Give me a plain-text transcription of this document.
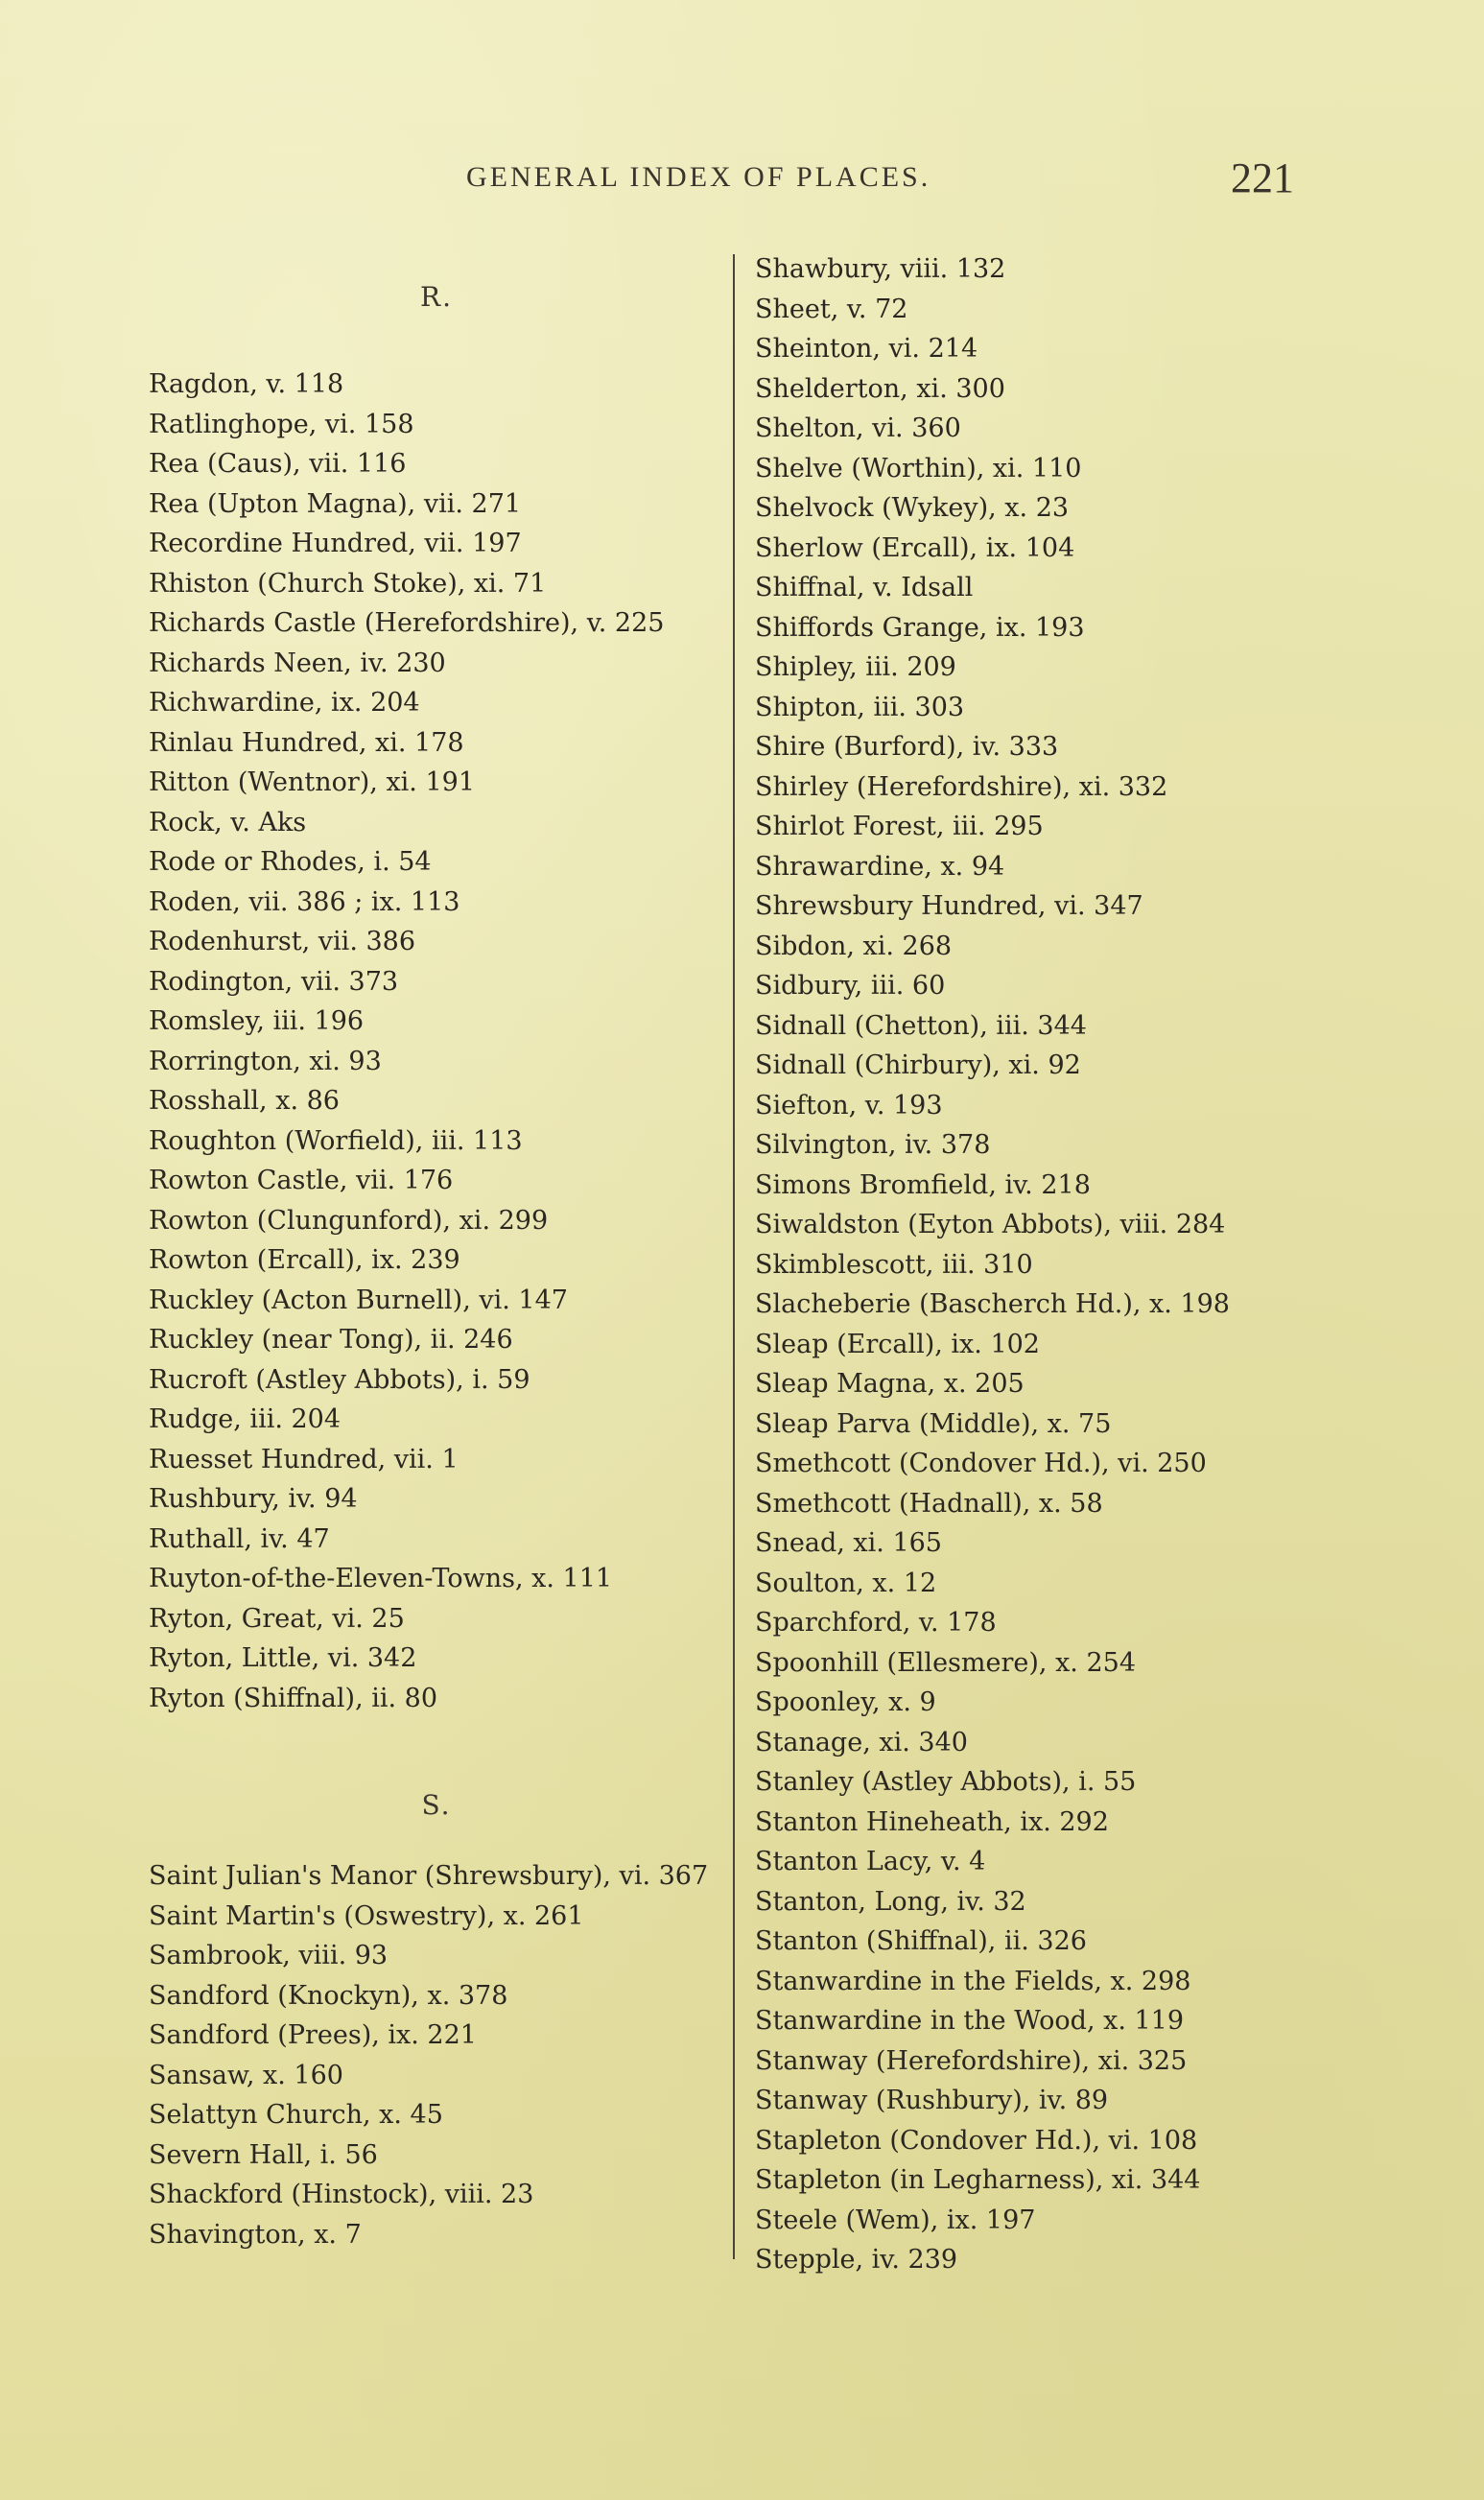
GENERAL INDEX OF PLACES.	221
R.
Ragdon, v. 118
Ratlinghope, vi. 158
Rea (Caus), vii. 116
Rea (Upton Magna), vii. 271
Recordine Hundred, vii. 197
Rhiston (Church Stoke), xi. 71
Richards Castle (Herefordshire), v. 225
Richards Neen, iv. 230
Richwardine, ix. 204
Rinlau Hundred, xi. 178
Ritton (Wentnor), xi. 191
Rock, v. Aks
Rode or Rhodes, i. 54
Roden, vii. 386 ; ix. 113
Rodenhurst, vii. 386
Rodington, vii. 373
Romsley, iii. 196
Rorrington, xi. 93
Rosshall, x. 86
Roughton (Worfield), iii. 113
Rowton Castle, vii. 176
Rowton (Clungunford), xi. 299
Rowton (Ercall), ix. 239
Ruckley (Acton Burnell), vi. 147
Ruckley (near Tong), ii. 246
Rucroft (Astley Abbots), i. 59
Rudge, iii. 204
Ruesset Hundred, vii. 1
Rushbury, iv. 94
Ruthall, iv. 47
Ruyton-of-the-Eleven-Towns, x. 111
Ryton, Great, vi. 25
Ryton, Little, vi. 342
Ryton (Shiffnal), ii. 80
S.
Saint Julian's Manor (Shrewsbury), vi. 367
Saint Martin's (Oswestry), x. 261
Sambrook, viii. 93
Sandford (Knockyn), x. 378
Sandford (Prees), ix. 221
Sansaw, x. 160
Selattyn Church, x. 45
Severn Hall, i. 56
Shackford (Hinstock), viii. 23
Shavington, x. 7
Shawbury, viii. 132
Sheet, v. 72
Sheinton, vi. 214
Shelderton, xi. 300
Shelton, vi. 360
Shelve (Worthin), xi. 110
Shelvock (Wykey), x. 23
Sherlow (Ercall), ix. 104
Shiffnal, v. Idsall
Shiffords Grange, ix. 193
Shipley, iii. 209
Shipton, iii. 303
Shire (Burford), iv. 333
Shirley (Herefordshire), xi. 332
Shirlot Forest, iii. 295
Shrawardine, x. 94
Shrewsbury Hundred, vi. 347
Sibdon, xi. 268
Sidbury, iii. 60
Sidnall (Chetton), iii. 344
Sidnall (Chirbury), xi. 92
Siefton, v. 193
Silvington, iv. 378
Simons Bromfield, iv. 218
Siwaldston (Eyton Abbots), viii. 284
Skimblescott, iii. 310
Slacheberie (Bascherch Hd.), x. 198
Sleap (Ercall), ix. 102
Sleap Magna, x. 205
Sleap Parva (Middle), x. 75
Smethcott (Condover Hd.), vi. 250
Smethcott (Hadnall), x. 58
Snead, xi. 165
Soulton, x. 12
Sparchford, v. 178
Spoonhill (Ellesmere), x. 254
Spoonley, x. 9
Stanage, xi. 340
Stanley (Astley Abbots), i. 55
Stanton Hineheath, ix. 292
Stanton Lacy, v. 4
Stanton, Long, iv. 32
Stanton (Shiffnal), ii. 326
Stanwardine in the Fields, x. 298
Stanwardine in the Wood, x. 119
Stanway (Herefordshire), xi. 325
Stanway (Rushbury), iv. 89
Stapleton (Condover Hd.), vi. 108
Stapleton (in Legharness), xi. 344
Steele (Wem), ix. 197
Stepple, iv. 239
